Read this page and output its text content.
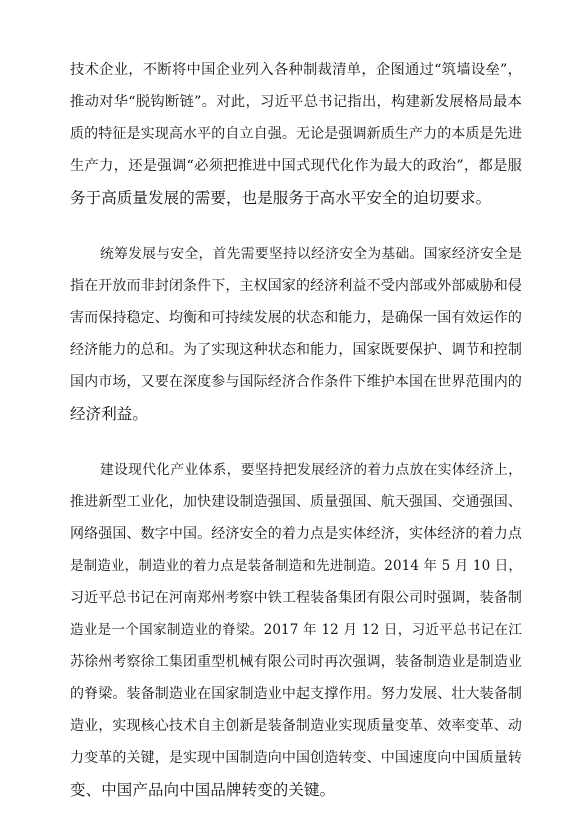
技术企业，不断将中国企业列入各种制裁清单，企图通过“筑墙设垒”，
推动对华“脱钩断链”。对此，习近平总书记指出，构建新发展格局最本
质的特征是实现高水平的自立自强。无论是强调新质生产力的本质是先进
生产力，还是强调“必须把推进中国式现代化作为最大的政治”，都是服
务于高质量发展的需要，也是服务于高水平安全的迫切要求。
统筹发展与安全，首先需要坚持以经济安全为基础。国家经济安全是
指在开放而非封闭条件下，主权国家的经济利益不受内部或外部威胁和侵
害而保持稳定、均衡和可持续发展的状态和能力，是确保一国有效运作的
经济能力的总和。为了实现这种状态和能力，国家既要保护、调节和控制
国内市场，又要在深度参与国际经济合作条件下维护本国在世界范围内的
经济利益。
建设现代化产业体系，要坚持把发展经济的着力点放在实体经济上，
推进新型工业化，加快建设制造强国、质量强国、航天强国、交通强国、
网络强国、数字中国。经济安全的着力点是实体经济，实体经济的着力点
是制造业，制造业的着力点是装备制造和先进制造。2014 年 5 月 10 日，
习近平总书记在河南郑州考察中铁工程装备集团有限公司时强调，装备制
造业是一个国家制造业的脊梁。2017 年 12 月 12 日，习近平总书记在江
苏徐州考察徐工集团重型机械有限公司时再次强调，装备制造业是制造业
的脊梁。装备制造业在国家制造业中起支撑作用。努力发展、壮大装备制
造业，实现核心技术自主创新是装备制造业实现质量变革、效率变革、动
力变革的关键，是实现中国制造向中国创造转变、中国速度向中国质量转
变、中国产品向中国品牌转变的关键。
